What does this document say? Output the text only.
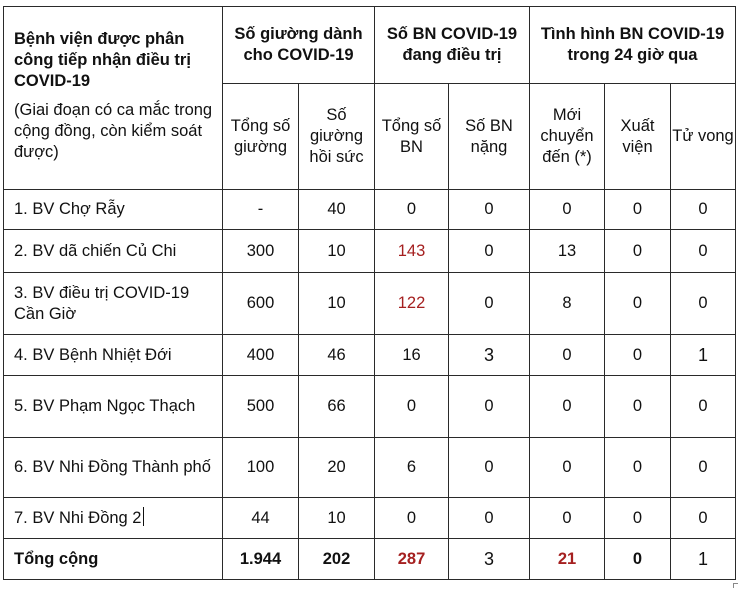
Bệnh viện được phân công tiếp nhận điều trị COVID-19
(Giai đoạn có ca mắc trong cộng đồng, còn kiểm soát được)	Số giường dành cho COVID-19		Số BN COVID-19 đang điều trị		Tình hình BN COVID-19 trong 24 giờ qua		
	Tổng số giường	Số giường hồi sức	Tổng số BN	Số BN nặng	Mới chuyển đến (*)	Xuất viện	Tử vong
1. BV Chợ Rẫy	-	40	0	0	0	0	0
2. BV dã chiến Củ Chi	300	10	143	0	13	0	0
3. BV điều trị COVID-19 Cần Giờ	600	10	122	0	8	0	0
4. BV Bệnh Nhiệt Đới	400	46	16	3	0	0	1
5. BV Phạm Ngọc Thạch	500	66	0	0	0	0	0
6. BV Nhi Đồng Thành phố	100	20	6	0	0	0	0
7. BV Nhi Đồng 2	44	10	0	0	0	0	0
Tổng cộng	1.944	202	287	3	21	0	1
